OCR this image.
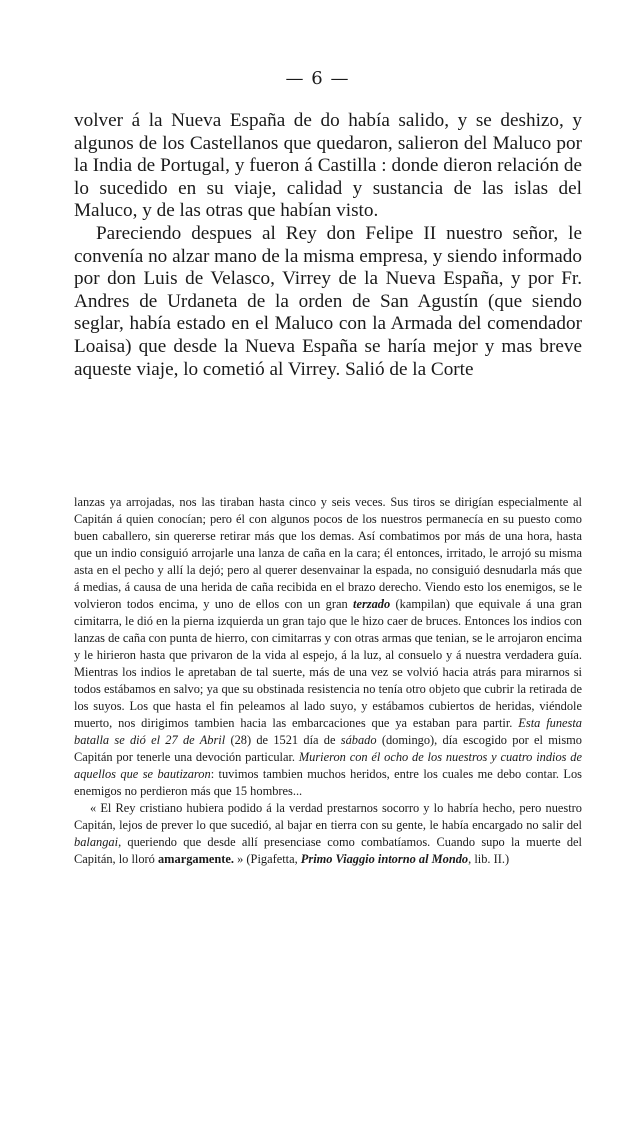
— 6 —

volver á la Nueva España de do había salido, y se deshizo, y algunos de los Castellanos que quedaron, salieron del Maluco por la India de Portugal, y fueron á Castilla : donde dieron relación de lo sucedido en su viaje, calidad y sustancia de las islas del Maluco, y de las otras que habían visto.

Pareciendo despues al Rey don Felipe II nuestro señor, le convenía no alzar mano de la misma empresa, y siendo informado por don Luis de Velasco, Virrey de la Nueva España, y por Fr. Andres de Urdaneta de la orden de San Agustín (que siendo seglar, había estado en el Maluco con la Armada del comendador Loaisa) que desde la Nueva España se haría mejor y mas breve aqueste viaje, lo cometió al Virrey. Salió de la Corte

lanzas ya arrojadas, nos las tiraban hasta cinco y seis veces. Sus tiros se dirigían especialmente al Capitán á quien conocían; pero él con algunos pocos de los nuestros permanecía en su puesto como buen caballero, sin quererse retirar más que los demas. Así combatimos por más de una hora, hasta que un indio consiguió arrojarle una lanza de caña en la cara; él entonces, irritado, le arrojó su misma asta en el pecho y allí la dejó; pero al querer desenvainar la espada, no consiguió desnudarla más que á medias, á causa de una herida de caña recibida en el brazo derecho. Viendo esto los enemigos, se le volvieron todos encima, y uno de ellos con un gran terzado (kampilan) que equivale á una gran cimitarra, le dió en la pierna izquierda un gran tajo que le hizo caer de bruces. Entonces los indios con lanzas de caña con punta de hierro, con cimitarras y con otras armas que tenian, se le arrojaron encima y le hirieron hasta que privaron de la vida al espejo, á la luz, al consuelo y á nuestra verdadera guía. Mientras los indios le apretaban de tal suerte, más de una vez se volvió hacia atrás para mirarnos si todos estábamos en salvo; ya que su obstinada resistencia no tenía otro objeto que cubrir la retirada de los suyos. Los que hasta el fin peleamos al lado suyo, y estábamos cubiertos de heridas, viéndole muerto, nos dirigimos tambien hacia las embarcaciones que ya estaban para partir. Esta funesta batalla se dió el 27 de Abril (28) de 1521 día de sábado (domingo), día escogido por el mismo Capitán por tenerle una devoción particular. Murieron con él ocho de los nuestros y cuatro indios de aquellos que se bautizaron: tuvimos tambien muchos heridos, entre los cuales me debo contar. Los enemigos no perdieron más que 15 hombres...

« El Rey cristiano hubiera podido á la verdad prestarnos socorro y lo habría hecho, pero nuestro Capitán, lejos de prever lo que sucedió, al bajar en tierra con su gente, le había encargado no salir del balangai, queriendo que desde allí presenciase como combatíamos. Cuando supo la muerte del Capitán, lo lloró amargamente. » (Pigafetta, Primo Viaggio intorno al Mondo, lib. II.)
